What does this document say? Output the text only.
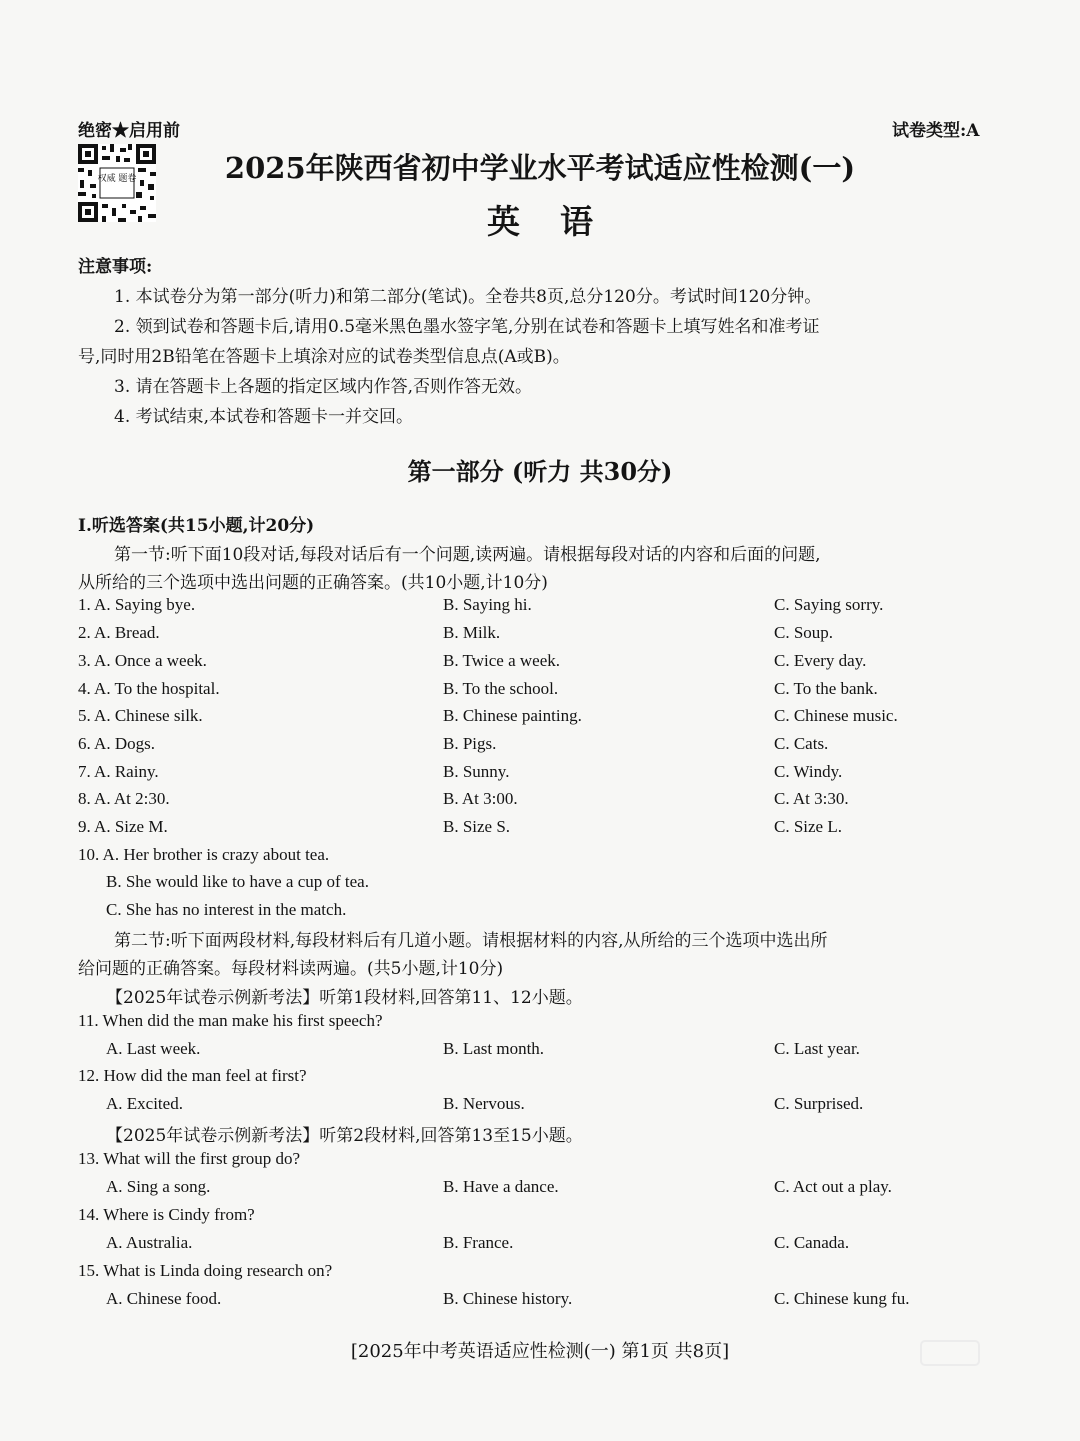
绝密★启用前	试卷类型:A
权威 题卷	2025年陕西省初中学业水平考试适应性检测(一)
英语
注意事项:
1. 本试卷分为第一部分(听力)和第二部分(笔试)。全卷共8页,总分120分。考试时间120分钟。
2. 领到试卷和答题卡后,请用0.5毫米黑色墨水签字笔,分别在试卷和答题卡上填写姓名和准考证
号,同时用2B铅笔在答题卡上填涂对应的试卷类型信息点(A或B)。
3. 请在答题卡上各题的指定区域内作答,否则作答无效。
4. 考试结束,本试卷和答题卡一并交回。
第一部分 (听力 共30分)
Ⅰ.听选答案(共15小题,计20分)
第一节:听下面10段对话,每段对话后有一个问题,读两遍。请根据每段对话的内容和后面的问题,
从所给的三个选项中选出问题的正确答案。(共10小题,计10分)
1. A. Saying bye.	B. Saying hi.	C. Saying sorry.
2. A. Bread.	B. Milk.	C. Soup.
3. A. Once a week.	B. Twice a week.	C. Every day.
4. A. To the hospital.	B. To the school.	C. To the bank.
5. A. Chinese silk.	B. Chinese painting.	C. Chinese music.
6. A. Dogs.	B. Pigs.	C. Cats.
7. A. Rainy.	B. Sunny.	C. Windy.
8. A. At 2:30.	B. At 3:00.	C. At 3:30.
9. A. Size M.	B. Size S.	C. Size L.
10. A. Her brother is crazy about tea.
B. She would like to have a cup of tea.
C. She has no interest in the match.
第二节:听下面两段材料,每段材料后有几道小题。请根据材料的内容,从所给的三个选项中选出所
给问题的正确答案。每段材料读两遍。(共5小题,计10分)
【2025年试卷示例新考法】听第1段材料,回答第11、12小题。
11. When did the man make his first speech?
A. Last week.	B. Last month.	C. Last year.
12. How did the man feel at first?
A. Excited.	B. Nervous.	C. Surprised.
【2025年试卷示例新考法】听第2段材料,回答第13至15小题。
13. What will the first group do?
A. Sing a song.	B. Have a dance.	C. Act out a play.
14. Where is Cindy from?
A. Australia.	B. France.	C. Canada.
15. What is Linda doing research on?
A. Chinese food.	B. Chinese history.	C. Chinese kung fu.
[2025年中考英语适应性检测(一) 第1页 共8页]
